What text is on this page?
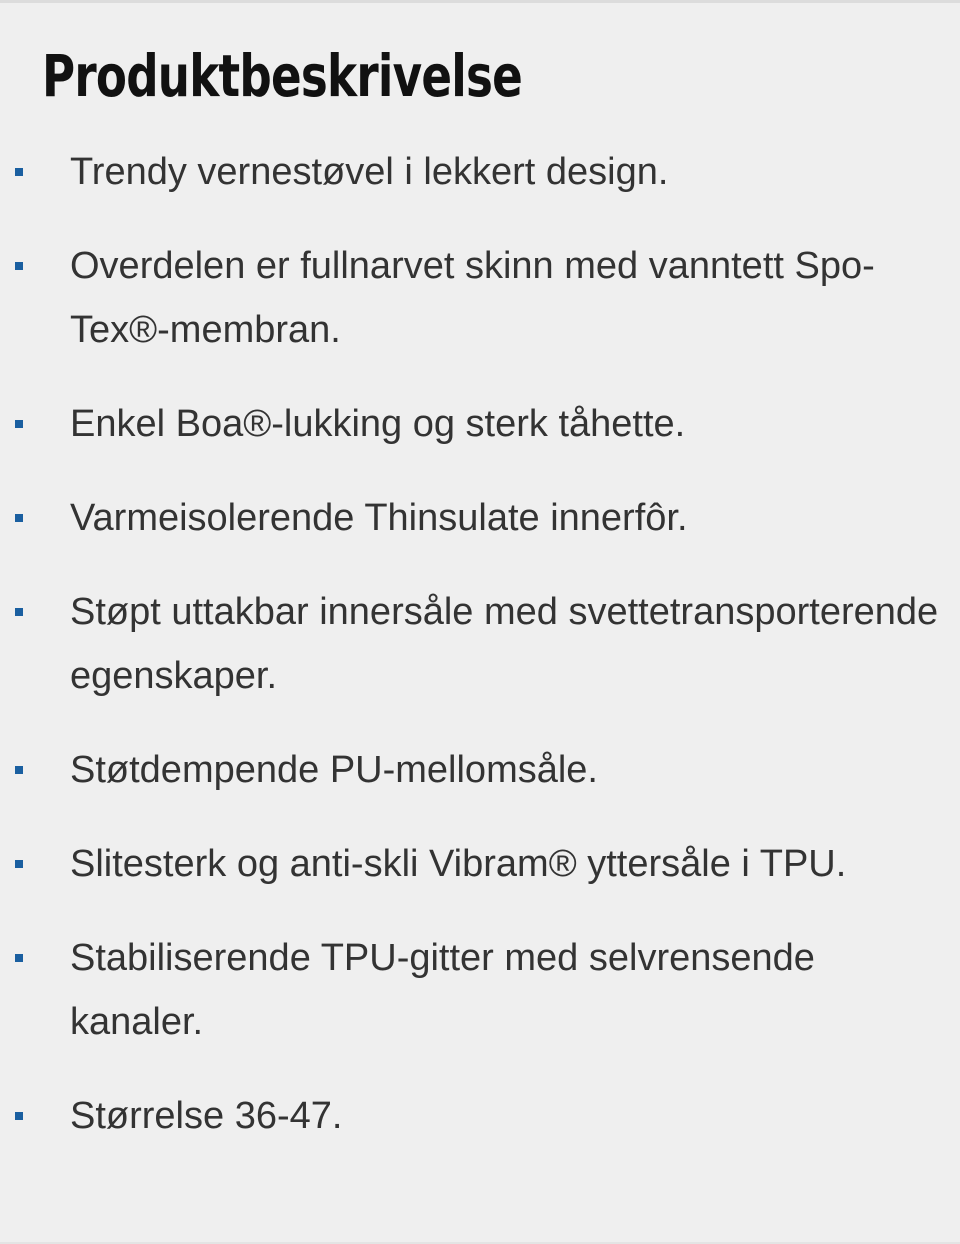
Produktbeskrivelse
Trendy vernestøvel i lekkert design.
Overdelen er fullnarvet skinn med vanntett Spo-
Tex®-membran.
Enkel Boa®-lukking og sterk tåhette.
Varmeisolerende Thinsulate innerfôr.
Støpt uttakbar innersåle med svettetransporterende
egenskaper.
Støtdempende PU-mellomsåle.
Slitesterk og anti-skli Vibram® yttersåle i TPU.
Stabiliserende TPU-gitter med selvrensende
kanaler.
Størrelse 36-47.
